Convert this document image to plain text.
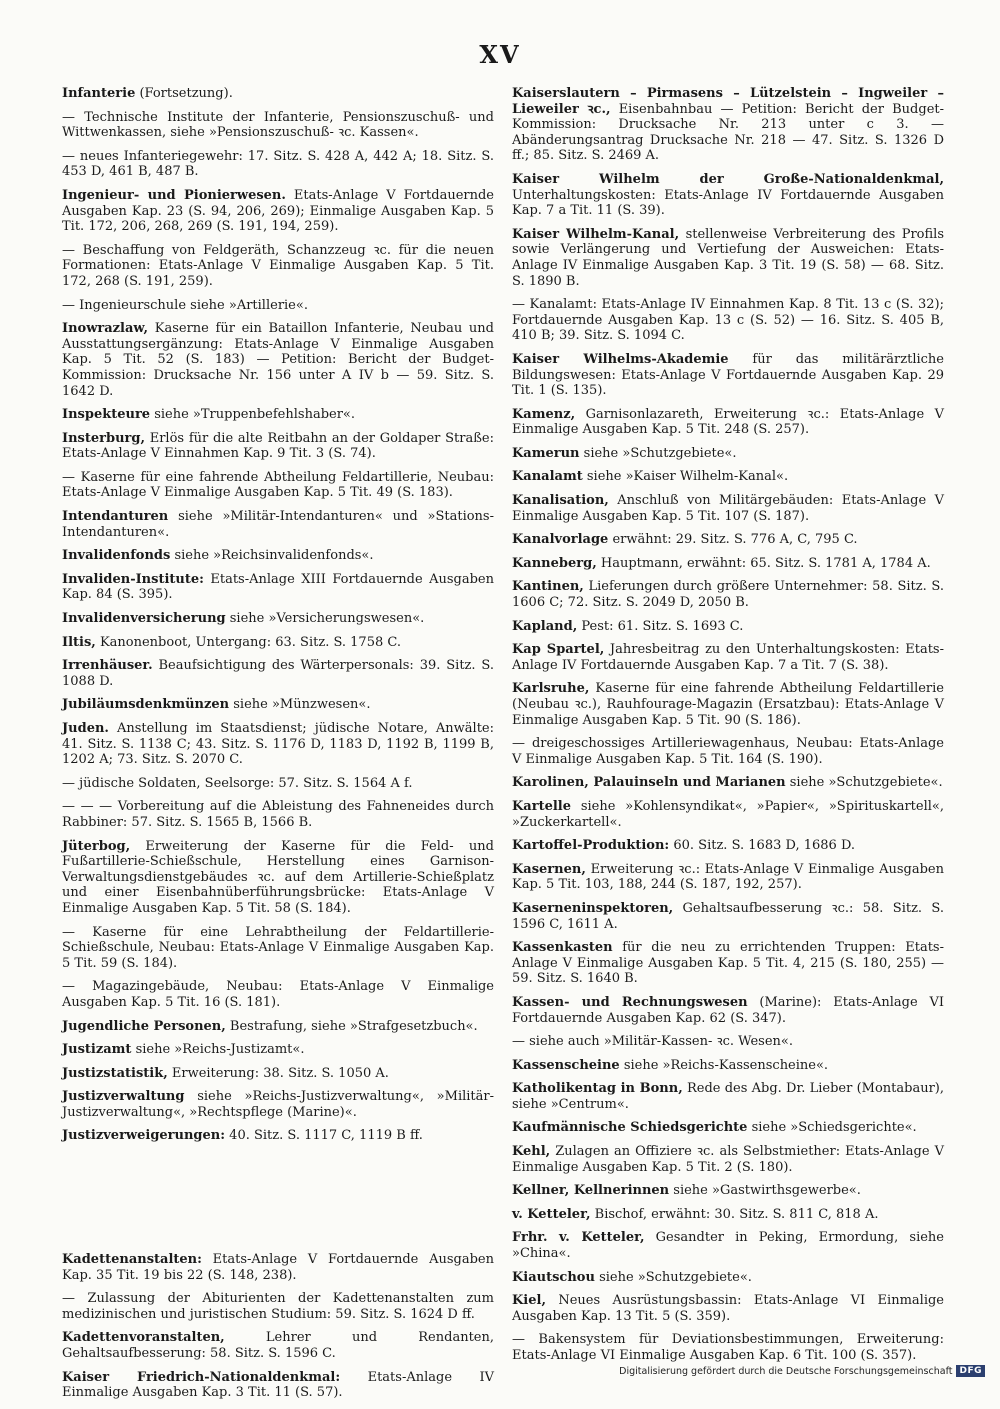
XV
Infanterie (Fortsetzung).
— Technische Institute der Infanterie, Pensionszuschuß- und Wittwenkassen, siehe »Pensionszuschuß- ꝛc. Kassen«.
— neues Infanteriegewehr: 17. Sitz. S. 428 A, 442 A; 18. Sitz. S. 453 D, 461 B, 487 B.
Ingenieur- und Pionierwesen. Etats-Anlage V Fortdauernde Ausgaben Kap. 23 (S. 94, 206, 269); Einmalige Ausgaben Kap. 5 Tit. 172, 206, 268, 269 (S. 191, 194, 259).
— Beschaffung von Feldgeräth, Schanzzeug ꝛc. für die neuen Formationen: Etats-Anlage V Einmalige Ausgaben Kap. 5 Tit. 172, 268 (S. 191, 259).
— Ingenieurschule siehe »Artillerie«.
Inowrazlaw, Kaserne für ein Bataillon Infanterie, Neubau und Ausstattungsergänzung: Etats-Anlage V Einmalige Ausgaben Kap. 5 Tit. 52 (S. 183) — Petition: Bericht der Budget-Kommission: Drucksache Nr. 156 unter A IV b — 59. Sitz. S. 1642 D.
Inspekteure siehe »Truppenbefehlshaber«.
Insterburg, Erlös für die alte Reitbahn an der Goldaper Straße: Etats-Anlage V Einnahmen Kap. 9 Tit. 3 (S. 74).
— Kaserne für eine fahrende Abtheilung Feldartillerie, Neubau: Etats-Anlage V Einmalige Ausgaben Kap. 5 Tit. 49 (S. 183).
Intendanturen siehe »Militär-Intendanturen« und »Stations-Intendanturen«.
Invalidenfonds siehe »Reichsinvalidenfonds«.
Invaliden-Institute: Etats-Anlage XIII Fortdauernde Ausgaben Kap. 84 (S. 395).
Invalidenversicherung siehe »Versicherungswesen«.
Iltis, Kanonenboot, Untergang: 63. Sitz. S. 1758 C.
Irrenhäuser. Beaufsichtigung des Wärterpersonals: 39. Sitz. S. 1088 D.
Jubiläumsdenkmünzen siehe »Münzwesen«.
Juden. Anstellung im Staatsdienst; jüdische Notare, Anwälte: 41. Sitz. S. 1138 C; 43. Sitz. S. 1176 D, 1183 D, 1192 B, 1199 B, 1202 A; 73. Sitz. S. 2070 C.
— jüdische Soldaten, Seelsorge: 57. Sitz. S. 1564 A f.
— — — Vorbereitung auf die Ableistung des Fahneneides durch Rabbiner: 57. Sitz. S. 1565 B, 1566 B.
Jüterbog, Erweiterung der Kaserne für die Feld- und Fußartillerie-Schießschule, Herstellung eines Garnison-Verwaltungsdienstgebäudes ꝛc. auf dem Artillerie-Schießplatz und einer Eisenbahnüberführungsbrücke: Etats-Anlage V Einmalige Ausgaben Kap. 5 Tit. 58 (S. 184).
— Kaserne für eine Lehrabtheilung der Feldartillerie-Schießschule, Neubau: Etats-Anlage V Einmalige Ausgaben Kap. 5 Tit. 59 (S. 184).
— Magazingebäude, Neubau: Etats-Anlage V Einmalige Ausgaben Kap. 5 Tit. 16 (S. 181).
Jugendliche Personen, Bestrafung, siehe »Strafgesetzbuch«.
Justizamt siehe »Reichs-Justizamt«.
Justizstatistik, Erweiterung: 38. Sitz. S. 1050 A.
Justizverwaltung siehe »Reichs-Justizverwaltung«, »Militär-Justizverwaltung«, »Rechtspflege (Marine)«.
Justizverweigerungen: 40. Sitz. S. 1117 C, 1119 B ff.
Kadettenanstalten: Etats-Anlage V Fortdauernde Ausgaben Kap. 35 Tit. 19 bis 22 (S. 148, 238).
— Zulassung der Abiturienten der Kadettenanstalten zum medizinischen und juristischen Studium: 59. Sitz. S. 1624 D ff.
Kadettenvoranstalten, Lehrer und Rendanten, Gehaltsaufbesserung: 58. Sitz. S. 1596 C.
Kaiser Friedrich-Nationaldenkmal: Etats-Anlage IV Einmalige Ausgaben Kap. 3 Tit. 11 (S. 57).
Kaiserslautern – Pirmasens – Lützelstein – Ingweiler – Lieweiler ꝛc., Eisenbahnbau — Petition: Bericht der Budget-Kommission: Drucksache Nr. 213 unter c 3. — Abänderungsantrag Drucksache Nr. 218 — 47. Sitz. S. 1326 D ff.; 85. Sitz. S. 2469 A.
Kaiser Wilhelm der Große-Nationaldenkmal, Unterhaltungskosten: Etats-Anlage IV Fortdauernde Ausgaben Kap. 7 a Tit. 11 (S. 39).
Kaiser Wilhelm-Kanal, stellenweise Verbreiterung des Profils sowie Verlängerung und Vertiefung der Ausweichen: Etats-Anlage IV Einmalige Ausgaben Kap. 3 Tit. 19 (S. 58) — 68. Sitz. S. 1890 B.
— Kanalamt: Etats-Anlage IV Einnahmen Kap. 8 Tit. 13 c (S. 32); Fortdauernde Ausgaben Kap. 13 c (S. 52) — 16. Sitz. S. 405 B, 410 B; 39. Sitz. S. 1094 C.
Kaiser Wilhelms-Akademie für das militärärztliche Bildungswesen: Etats-Anlage V Fortdauernde Ausgaben Kap. 29 Tit. 1 (S. 135).
Kamenz, Garnisonlazareth, Erweiterung ꝛc.: Etats-Anlage V Einmalige Ausgaben Kap. 5 Tit. 248 (S. 257).
Kamerun siehe »Schutzgebiete«.
Kanalamt siehe »Kaiser Wilhelm-Kanal«.
Kanalisation, Anschluß von Militärgebäuden: Etats-Anlage V Einmalige Ausgaben Kap. 5 Tit. 107 (S. 187).
Kanalvorlage erwähnt: 29. Sitz. S. 776 A, C, 795 C.
Kanneberg, Hauptmann, erwähnt: 65. Sitz. S. 1781 A, 1784 A.
Kantinen, Lieferungen durch größere Unternehmer: 58. Sitz. S. 1606 C; 72. Sitz. S. 2049 D, 2050 B.
Kapland, Pest: 61. Sitz. S. 1693 C.
Kap Spartel, Jahresbeitrag zu den Unterhaltungskosten: Etats-Anlage IV Fortdauernde Ausgaben Kap. 7 a Tit. 7 (S. 38).
Karlsruhe, Kaserne für eine fahrende Abtheilung Feldartillerie (Neubau ꝛc.), Rauhfourage-Magazin (Ersatzbau): Etats-Anlage V Einmalige Ausgaben Kap. 5 Tit. 90 (S. 186).
— dreigeschossiges Artilleriewagenhaus, Neubau: Etats-Anlage V Einmalige Ausgaben Kap. 5 Tit. 164 (S. 190).
Karolinen, Palauinseln und Marianen siehe »Schutzgebiete«.
Kartelle siehe »Kohlensyndikat«, »Papier«, »Spirituskartell«, »Zuckerkartell«.
Kartoffel-Produktion: 60. Sitz. S. 1683 D, 1686 D.
Kasernen, Erweiterung ꝛc.: Etats-Anlage V Einmalige Ausgaben Kap. 5 Tit. 103, 188, 244 (S. 187, 192, 257).
Kaserneninspektoren, Gehaltsaufbesserung ꝛc.: 58. Sitz. S. 1596 C, 1611 A.
Kassenkasten für die neu zu errichtenden Truppen: Etats-Anlage V Einmalige Ausgaben Kap. 5 Tit. 4, 215 (S. 180, 255) — 59. Sitz. S. 1640 B.
Kassen- und Rechnungswesen (Marine): Etats-Anlage VI Fortdauernde Ausgaben Kap. 62 (S. 347).
— siehe auch »Militär-Kassen- ꝛc. Wesen«.
Kassenscheine siehe »Reichs-Kassenscheine«.
Katholikentag in Bonn, Rede des Abg. Dr. Lieber (Montabaur), siehe »Centrum«.
Kaufmännische Schiedsgerichte siehe »Schiedsgerichte«.
Kehl, Zulagen an Offiziere ꝛc. als Selbstmiether: Etats-Anlage V Einmalige Ausgaben Kap. 5 Tit. 2 (S. 180).
Kellner, Kellnerinnen siehe »Gastwirthsgewerbe«.
v. Ketteler, Bischof, erwähnt: 30. Sitz. S. 811 C, 818 A.
Frhr. v. Ketteler, Gesandter in Peking, Ermordung, siehe »China«.
Kiautschou siehe »Schutzgebiete«.
Kiel, Neues Ausrüstungsbassin: Etats-Anlage VI Einmalige Ausgaben Kap. 13 Tit. 5 (S. 359).
— Bakensystem für Deviationsbestimmungen, Erweiterung: Etats-Anlage VI Einmalige Ausgaben Kap. 6 Tit. 100 (S. 357).
Digitalisierung gefördert durch die Deutsche Forschungsgemeinschaft DFG
